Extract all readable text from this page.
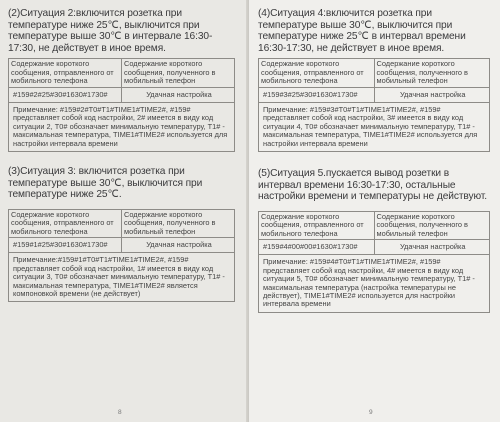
(2)Ситуация 2:включится розетка при температуре ниже 25℃, выключится при температуре выше 30℃ в интервале 16:30-17:30, не действует в иное время.

Содержание короткого сообщения, отправленного от мобильного телефона	Содержание короткого сообщения, полученного в мобильный телефон
#159#2#25#30#1630#1730#	Удачная настройка
Примечание: #159#2#T0#T1#TIME1#TIME2#, #159# представляет собой код настройки, 2# имеется в виду код ситуации 2, T0# обозначает минимальную температуру, T1# - максимальная температура, TIME1#TIME2# используется для настройки интервала времени	

(3)Ситуация 3: включится розетка при температуре выше 30℃, выключится при температуре ниже 25℃.

Содержание короткого сообщения, отправленного от мобильного телефона	Содержание короткого сообщения, полученного в мобильный телефон
#159#1#25#30#1630#1730#	Удачная настройка
Примечание:#159#1#T0#T1#TIME1#TIME2#, #159# представляет собой код настройки, 1# имеется в виду код ситуации 3, T0# обозначает минимальную температуру, T1# - максимальная температура, TIME1#TIME2# является компоновкой времени (не действует)	
8

(4)Ситуация 4:включится розетка при температуре выше 30℃, выключится при температуре ниже 25℃ в интервал времени 16:30-17:30, не действует в иное время.

Содержание короткого сообщения, отправленного от мобильного телефона	Содержание короткого сообщения, полученного в мобильный телефон
#159#3#25#30#1630#1730#	Удачная настройка
Примечание: #159#3#T0#T1#TIME1#TIME2#, #159# представляет собой код настройки, 3# имеется в виду код ситуации 4, T0# обозначает минимальную температуру, T1# - максимальная температура, TIME1#TIME2# используется для настройки интервала времени	

(5)Ситуация 5.пускается вывод розетки в интервал времени 16:30-17:30, остальные настройки времени и температуры не действуют.

Содержание короткого сообщения, отправленного от мобильного телефона	Содержание короткого сообщения, полученного в мобильный телефон
#159#4#00#00#1630#1730#	Удачная настройка
Примечание: #159#4#T0#T1#TIME1#TIME2#, #159# представляет собой код настройки, 4# имеется в виду код ситуации 5, T0# обозначает минимальную температуру, T1# - максимальная температура (настройка температуры не действует), TIME1#TIME2# используется для настройки интервала времени	
9
